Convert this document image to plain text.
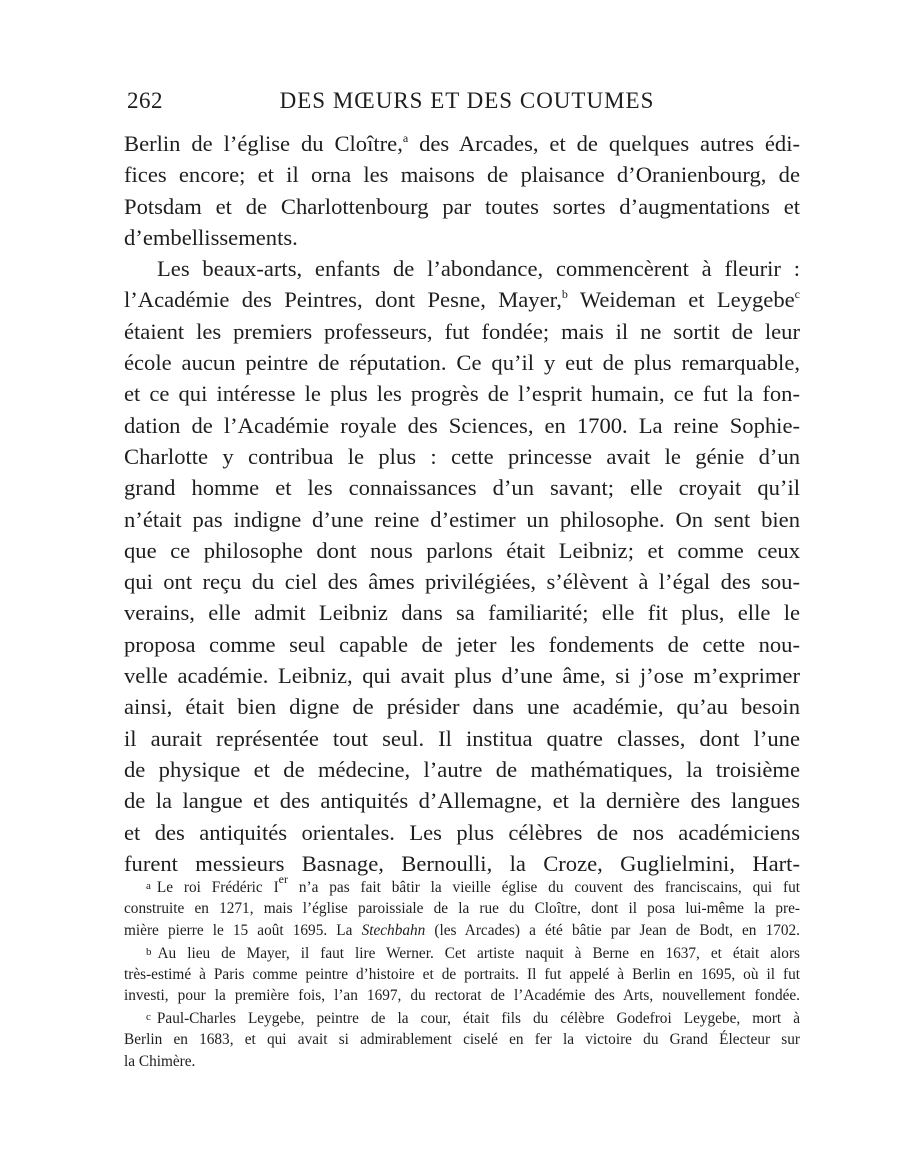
262	DES MŒURS ET DES COUTUMES
Berlin de l’église du Cloître,$^a$ des Arcades, et de quelques autres édi-
fices encore; et il orna les maisons de plaisance d’Oranienbourg, de
Potsdam et de Charlottenbourg par toutes sortes d’augmentations et
d’embellissements.
Les beaux-arts, enfants de l’abondance, commencèrent à fleurir :
l’Académie des Peintres, dont Pesne, Mayer,$^b$ Weideman et Leygebe$^c$
étaient les premiers professeurs, fut fondée; mais il ne sortit de leur
école aucun peintre de réputation. Ce qu’il y eut de plus remarquable,
et ce qui intéresse le plus les progrès de l’esprit humain, ce fut la fon-
dation de l’Académie royale des Sciences, en 1700. La reine Sophie-
Charlotte y contribua le plus : cette princesse avait le génie d’un
grand homme et les connaissances d’un savant; elle croyait qu’il
n’était pas indigne d’une reine d’estimer un philosophe. On sent bien
que ce philosophe dont nous parlons était Leibniz; et comme ceux
qui ont reçu du ciel des âmes privilégiées, s’élèvent à l’égal des sou-
verains, elle admit Leibniz dans sa familiarité; elle fit plus, elle le
proposa comme seul capable de jeter les fondements de cette nou-
velle académie. Leibniz, qui avait plus d’une âme, si j’ose m’exprimer
ainsi, était bien digne de présider dans une académie, qu’au besoin
il aurait représentée tout seul. Il institua quatre classes, dont l’une
de physique et de médecine, l’autre de mathématiques, la troisième
de la langue et des antiquités d’Allemagne, et la dernière des langues
et des antiquités orientales. Les plus célèbres de nos académiciens
furent messieurs Basnage, Bernoulli, la Croze, Guglielmini, Hart-
a Le roi Frédéric Ier n’a pas fait bâtir la vieille église du couvent des franciscains, qui fut
construite en 1271, mais l’église paroissiale de la rue du Cloître, dont il posa lui-même la pre-
mière pierre le 15 août 1695. La Stechbahn (les Arcades) a été bâtie par Jean de Bodt, en 1702.
b Au lieu de Mayer, il faut lire Werner. Cet artiste naquit à Berne en 1637, et était alors
très-estimé à Paris comme peintre d’histoire et de portraits. Il fut appelé à Berlin en 1695, où il fut
investi, pour la première fois, l’an 1697, du rectorat de l’Académie des Arts, nouvellement fondée.
c Paul-Charles Leygebe, peintre de la cour, était fils du célèbre Godefroi Leygebe, mort à
Berlin en 1683, et qui avait si admirablement ciselé en fer la victoire du Grand Électeur sur
la Chimère.
